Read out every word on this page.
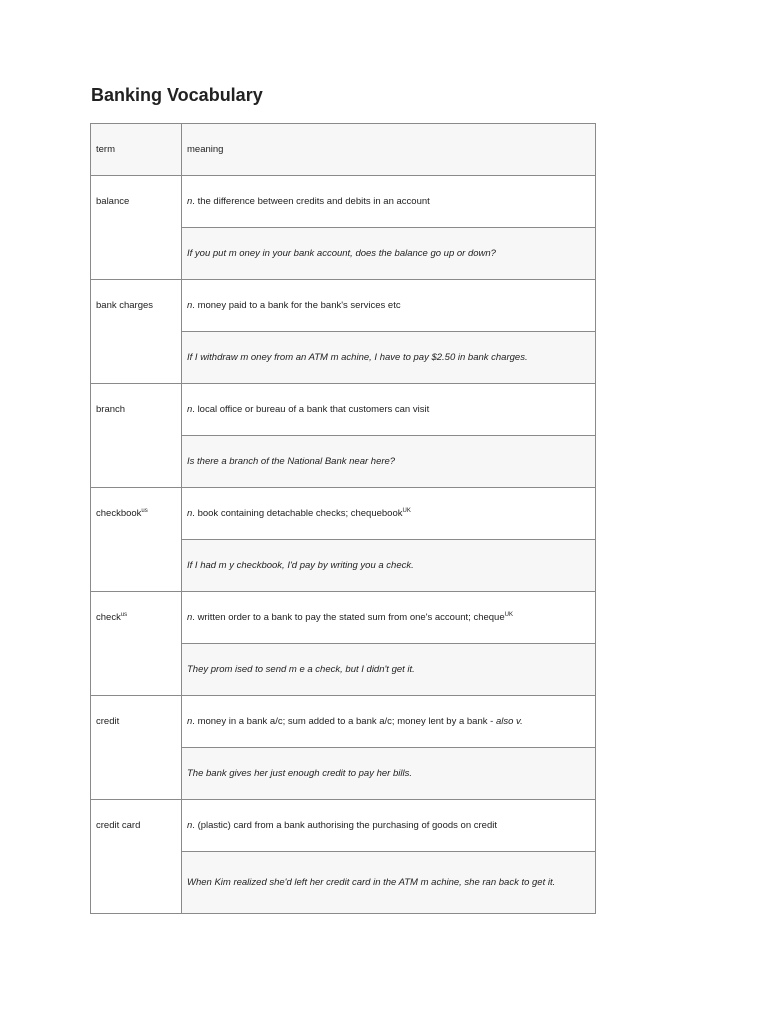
Banking Vocabulary
term	meaning
balance	n. the difference between credits and debits in an account
	If you put m oney in your bank account, does the balance go up or down?
bank charges	n. money paid to a bank for the bank's services etc
	If I withdraw m oney from an ATM m achine, I have to pay $2.50 in bank charges.
branch	n. local office or bureau of a bank that customers can visit
	Is there a branch of the National Bank near here?
checkbook$^{us}$	n. book containing detachable checks; chequebook$^{UK}$
	If I had m y checkbook, I'd pay by writing you a check.
check$^{us}$	n. written order to a bank to pay the stated sum from one's account; cheque$^{UK}$
	They prom ised to send m e a check, but I didn't get it.
credit	n. money in a bank a/c; sum added to a bank a/c; money lent by a bank - also v.
	The bank gives her just enough credit to pay her bills.
credit card	n. (plastic) card from a bank authorising the purchasing of goods on credit
	When Kim realized she'd left her credit card in the ATM m achine, she ran back to get it.
